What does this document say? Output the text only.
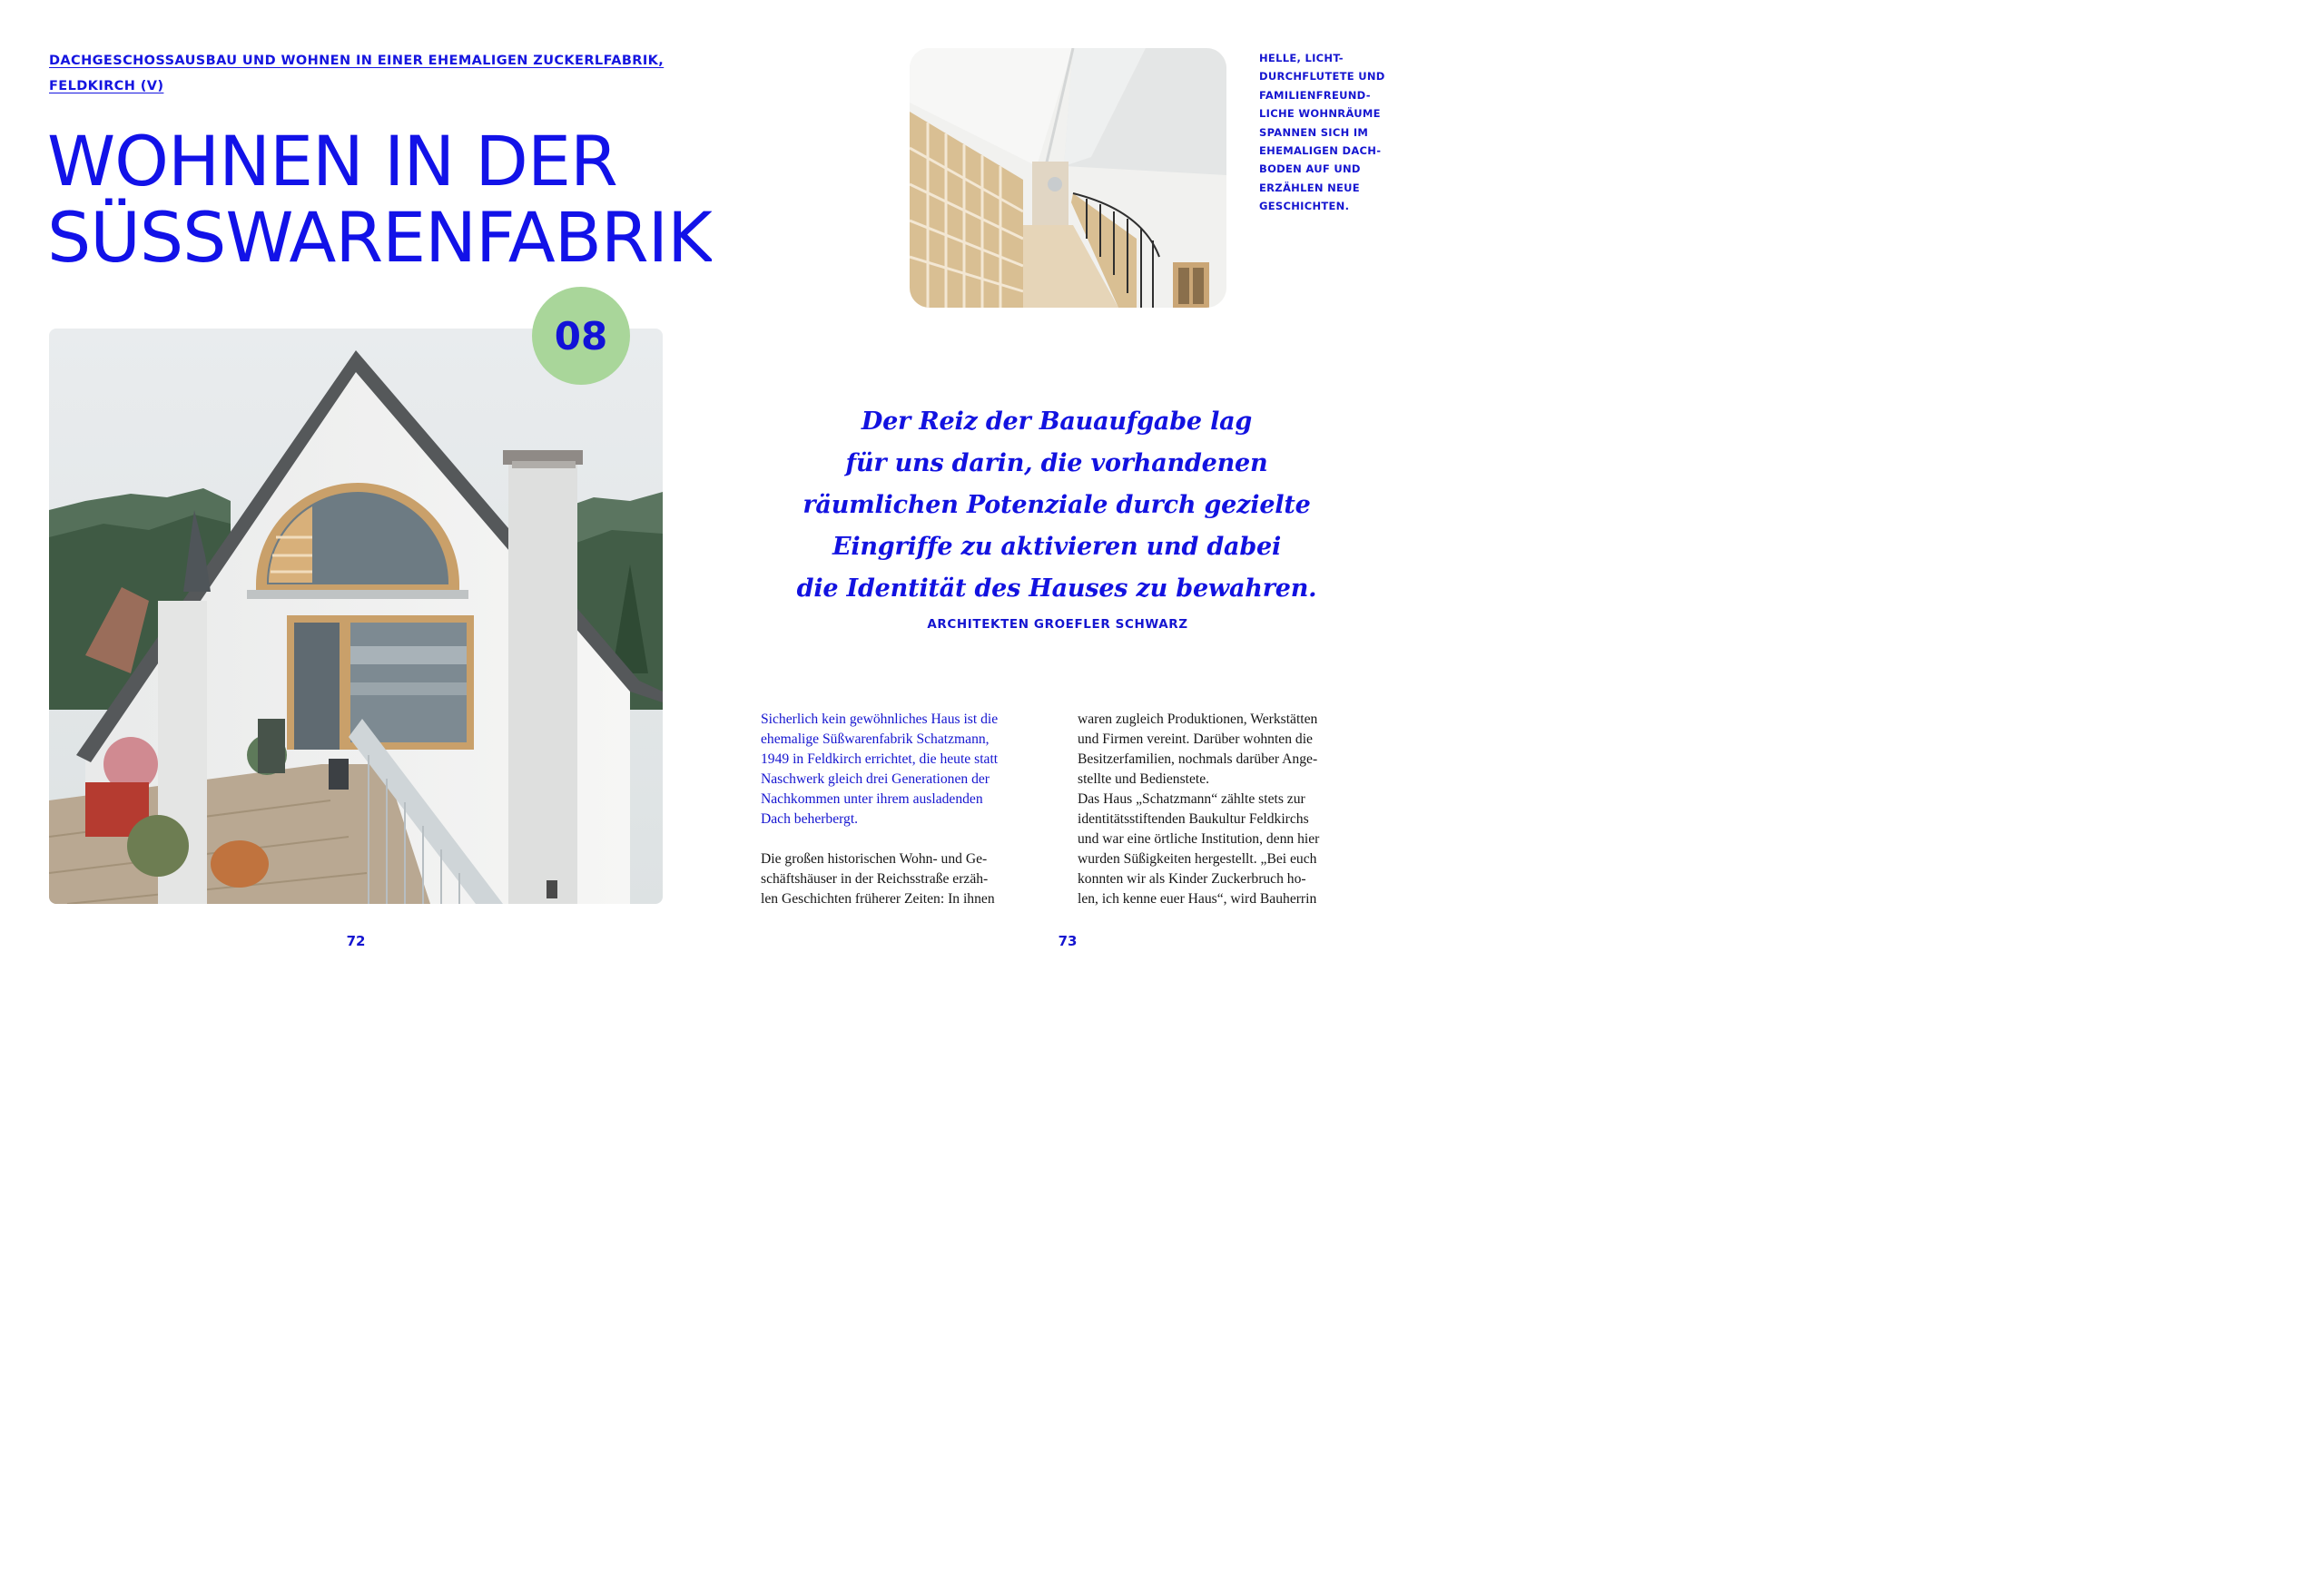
DACHGESCHOSSAUSBAU UND WOHNEN IN EINER EHEMALIGEN ZUCKERLFABRIK,
FELDKIRCH (V)
WOHNEN IN DER
SÜSSWARENFABRIK
08
72
HELLE, LICHT-
DURCHFLUTETE UND
FAMILIENFREUND-
LICHE WOHNRÄUME
SPANNEN SICH IM
EHEMALIGEN DACH-
BODEN AUF UND
ERZÄHLEN NEUE
GESCHICHTEN.
Der Reiz der Bauaufgabe lag
für uns darin, die vorhandenen
räumlichen Potenziale durch gezielte
Eingriffe zu aktivieren und dabei
die Identität des Hauses zu bewahren.
ARCHITEKTEN GROEFLER SCHWARZ
Sicherlich kein gewöhnliches Haus ist die
ehemalige Süßwarenfabrik Schatzmann,
1949 in Feldkirch errichtet, die heute statt
Naschwerk gleich drei Generationen der
Nachkommen unter ihrem ausladenden
Dach beherbergt.
Die großen historischen Wohn- und Ge-
schäftshäuser in der Reichsstraße erzäh-
len Geschichten früherer Zeiten: In ihnen
waren zugleich Produktionen, Werkstätten
und Firmen vereint. Darüber wohnten die
Besitzerfamilien, nochmals darüber Ange-
stellte und Bedienstete.
Das Haus „Schatzmann“ zählte stets zur
identitätsstiftenden Baukultur Feldkirchs
und war eine örtliche Institution, denn hier
wurden Süßigkeiten hergestellt. „Bei euch
konnten wir als Kinder Zuckerbruch ho-
len, ich kenne euer Haus“, wird Bauherrin
73
